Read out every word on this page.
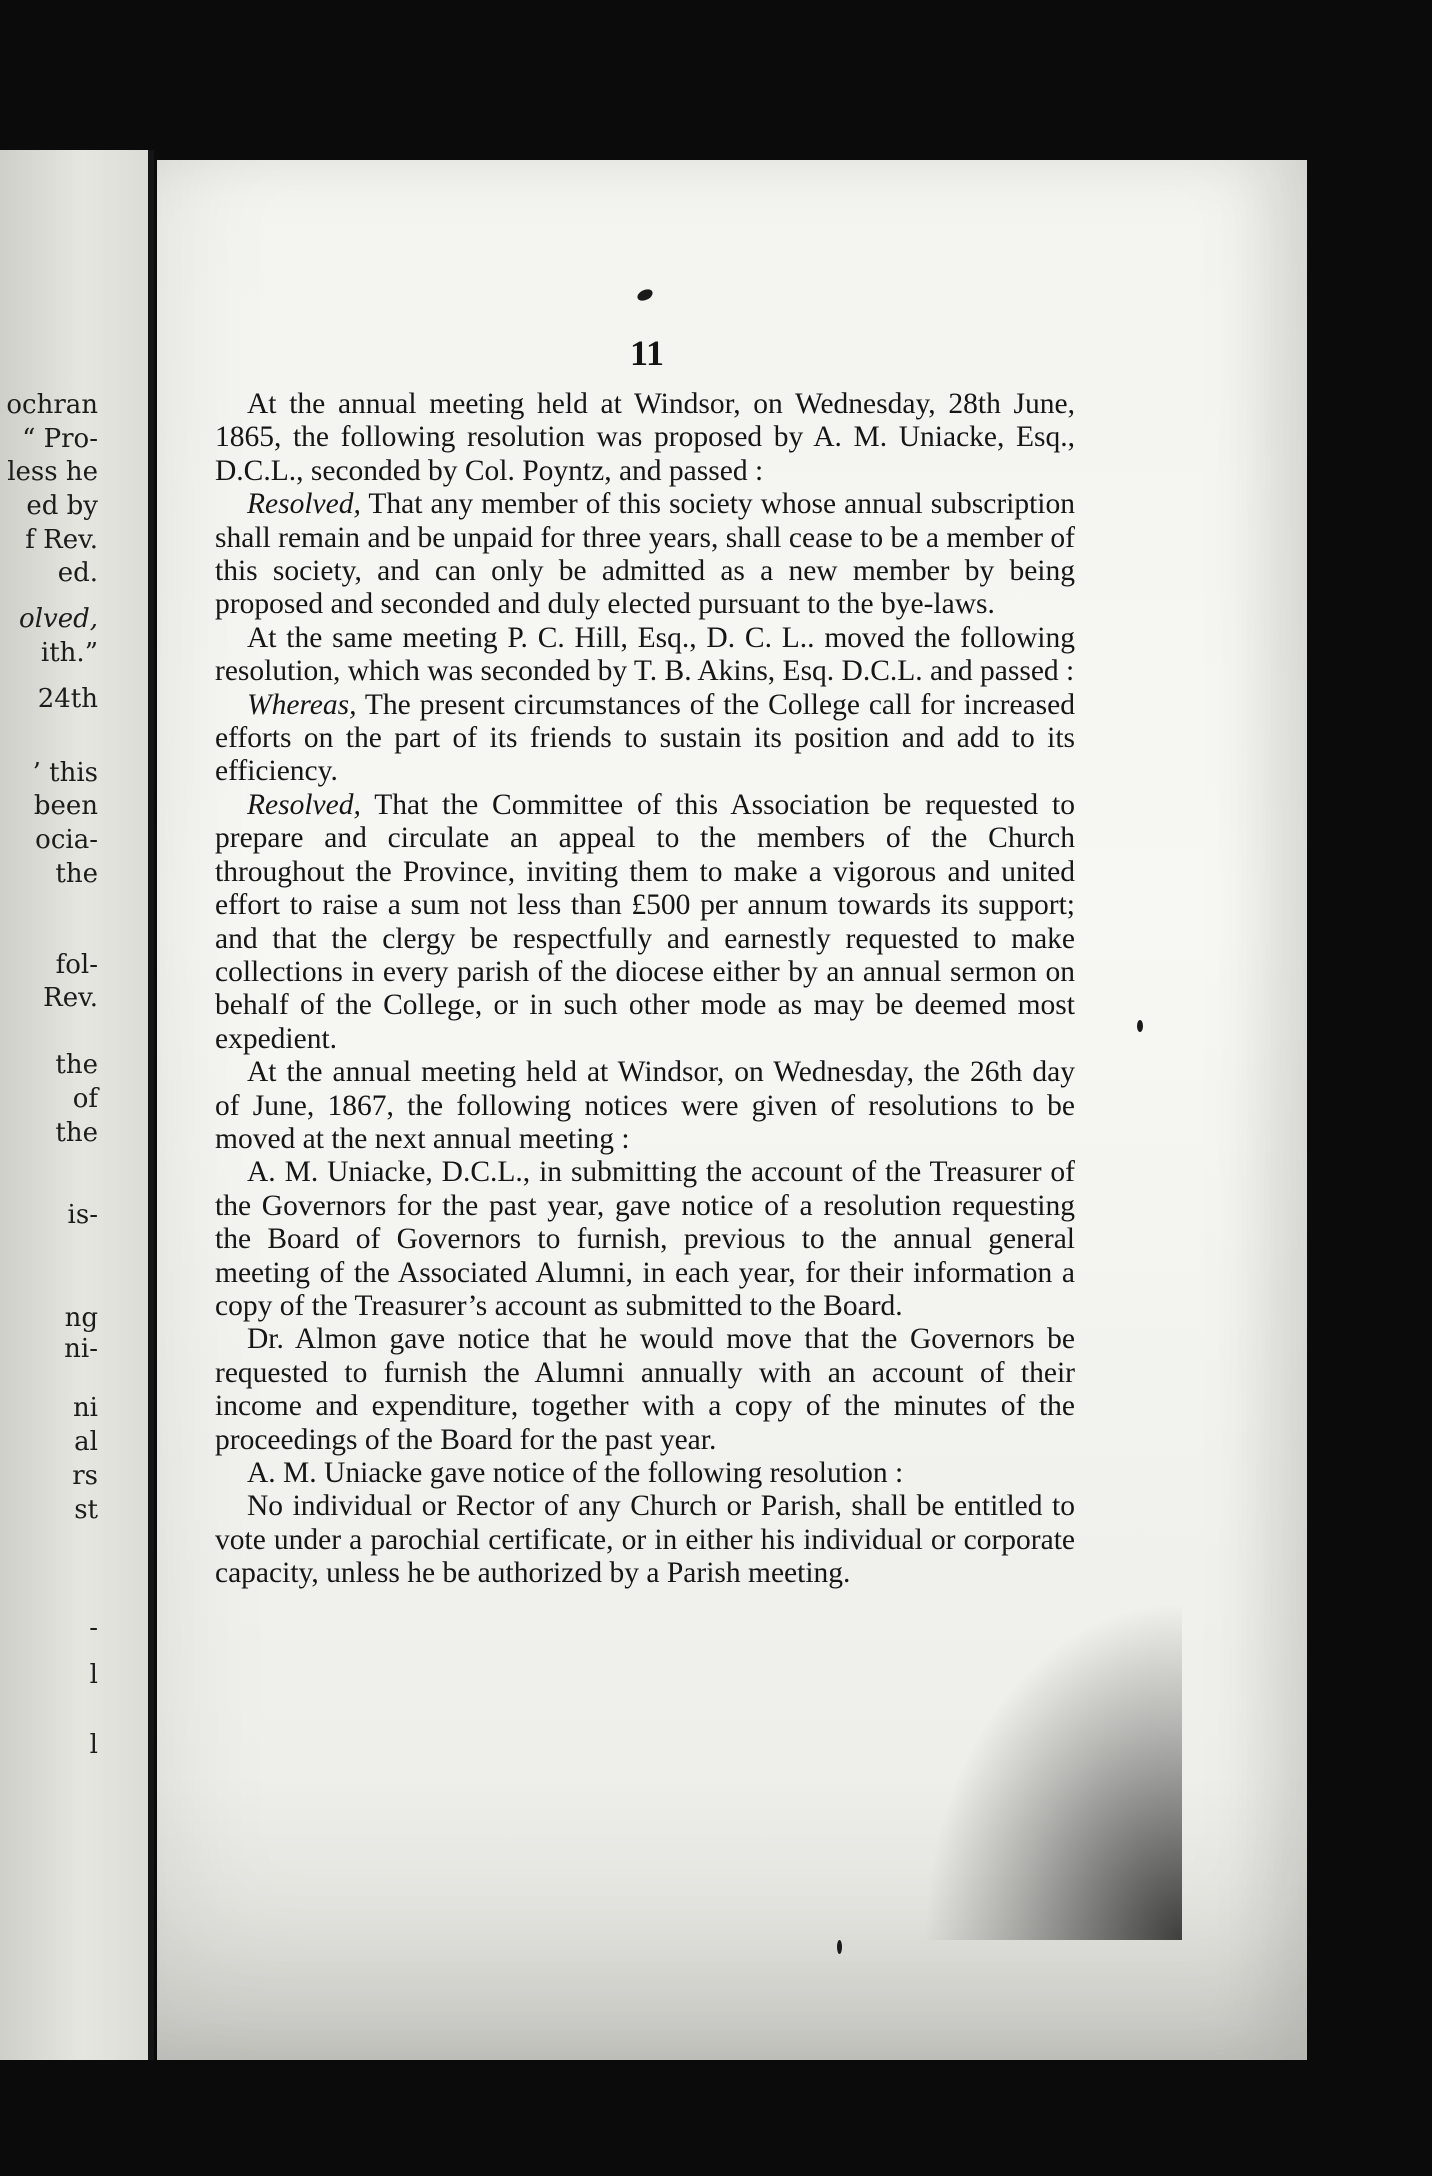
ochran
“ Pro-
less he
ed by
f Rev.
ed.
olved,
ith.”
24th
’ this
been
ocia-
the
fol-
Rev.
the
of
the
is-
ng
ni-
ni
al
rs
st
-
l
l
11

At the annual meeting held at Windsor, on Wednesday, 28th June, 1865, the following resolution was proposed by A. M. Uniacke, Esq., D.C.L., seconded by Col. Poyntz, and passed :

Resolved, That any member of this society whose annual subscription shall remain and be unpaid for three years, shall cease to be a member of this society, and can only be admitted as a new member by being proposed and seconded and duly elected pursuant to the bye-laws.

At the same meeting P. C. Hill, Esq., D. C. L.. moved the following resolution, which was seconded by T. B. Akins, Esq. D.C.L. and passed :

Whereas, The present circumstances of the College call for increased efforts on the part of its friends to sustain its position and add to its efficiency.

Resolved, That the Committee of this Association be requested to prepare and circulate an appeal to the members of the Church throughout the Province, inviting them to make a vigorous and united effort to raise a sum not less than £500 per annum towards its support; and that the clergy be respectfully and earnestly requested to make collections in every parish of the diocese either by an annual sermon on behalf of the College, or in such other mode as may be deemed most expedient.

At the annual meeting held at Windsor, on Wednesday, the 26th day of June, 1867, the following notices were given of resolutions to be moved at the next annual meeting :

A. M. Uniacke, D.C.L., in submitting the account of the Treasurer of the Governors for the past year, gave notice of a resolution requesting the Board of Governors to furnish, previous to the annual general meeting of the Associated Alumni, in each year, for their information a copy of the Treasurer’s account as submitted to the Board.

Dr. Almon gave notice that he would move that the Governors be requested to furnish the Alumni annually with an account of their income and expenditure, together with a copy of the minutes of the proceedings of the Board for the past year.

A. M. Uniacke gave notice of the following resolution :

No individual or Rector of any Church or Parish, shall be entitled to vote under a parochial certificate, or in either his individual or corporate capacity, unless he be authorized by a Parish meeting.
